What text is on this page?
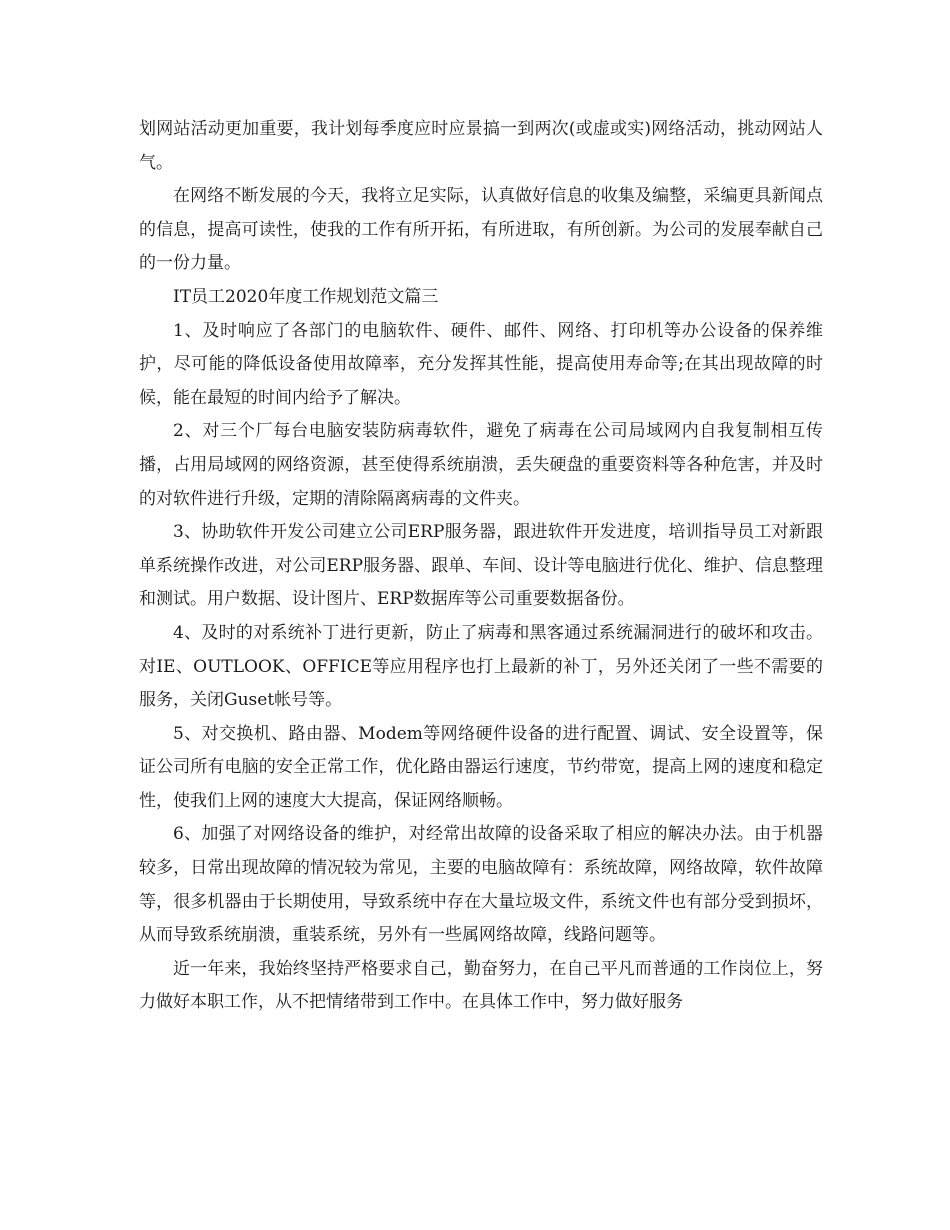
划网站活动更加重要，我计划每季度应时应景搞一到两次(或虚或实)网络活动，挑动网站人气。

在网络不断发展的今天，我将立足实际，认真做好信息的收集及编整，采编更具新闻点的信息，提高可读性，使我的工作有所开拓，有所进取，有所创新。为公司的发展奉献自己的一份力量。

IT员工2020年度工作规划范文篇三

1、及时响应了各部门的电脑软件、硬件、邮件、网络、打印机等办公设备的保养维护，尽可能的降低设备使用故障率，充分发挥其性能，提高使用寿命等;在其出现故障的时候，能在最短的时间内给予了解决。

2、对三个厂每台电脑安装防病毒软件，避免了病毒在公司局域网内自我复制相互传播，占用局域网的网络资源，甚至使得系统崩溃，丢失硬盘的重要资料等各种危害，并及时的对软件进行升级，定期的清除隔离病毒的文件夹。

3、协助软件开发公司建立公司ERP服务器，跟进软件开发进度，培训指导员工对新跟单系统操作改进，对公司ERP服务器、跟单、车间、设计等电脑进行优化、维护、信息整理和测试。用户数据、设计图片、ERP数据库等公司重要数据备份。

4、及时的对系统补丁进行更新，防止了病毒和黑客通过系统漏洞进行的破坏和攻击。对IE、OUTLOOK、OFFICE等应用程序也打上最新的补丁，另外还关闭了一些不需要的服务，关闭Guset帐号等。

5、对交换机、路由器、Modem等网络硬件设备的进行配置、调试、安全设置等，保证公司所有电脑的安全正常工作，优化路由器运行速度，节约带宽，提高上网的速度和稳定性，使我们上网的速度大大提高，保证网络顺畅。

6、加强了对网络设备的维护，对经常出故障的设备采取了相应的解决办法。由于机器较多，日常出现故障的情况较为常见，主要的电脑故障有：系统故障，网络故障，软件故障等，很多机器由于长期使用，导致系统中存在大量垃圾文件，系统文件也有部分受到损坏，从而导致系统崩溃，重装系统，另外有一些属网络故障，线路问题等。

近一年来，我始终坚持严格要求自己，勤奋努力，在自己平凡而普通的工作岗位上，努力做好本职工作，从不把情绪带到工作中。在具体工作中，努力做好服务
